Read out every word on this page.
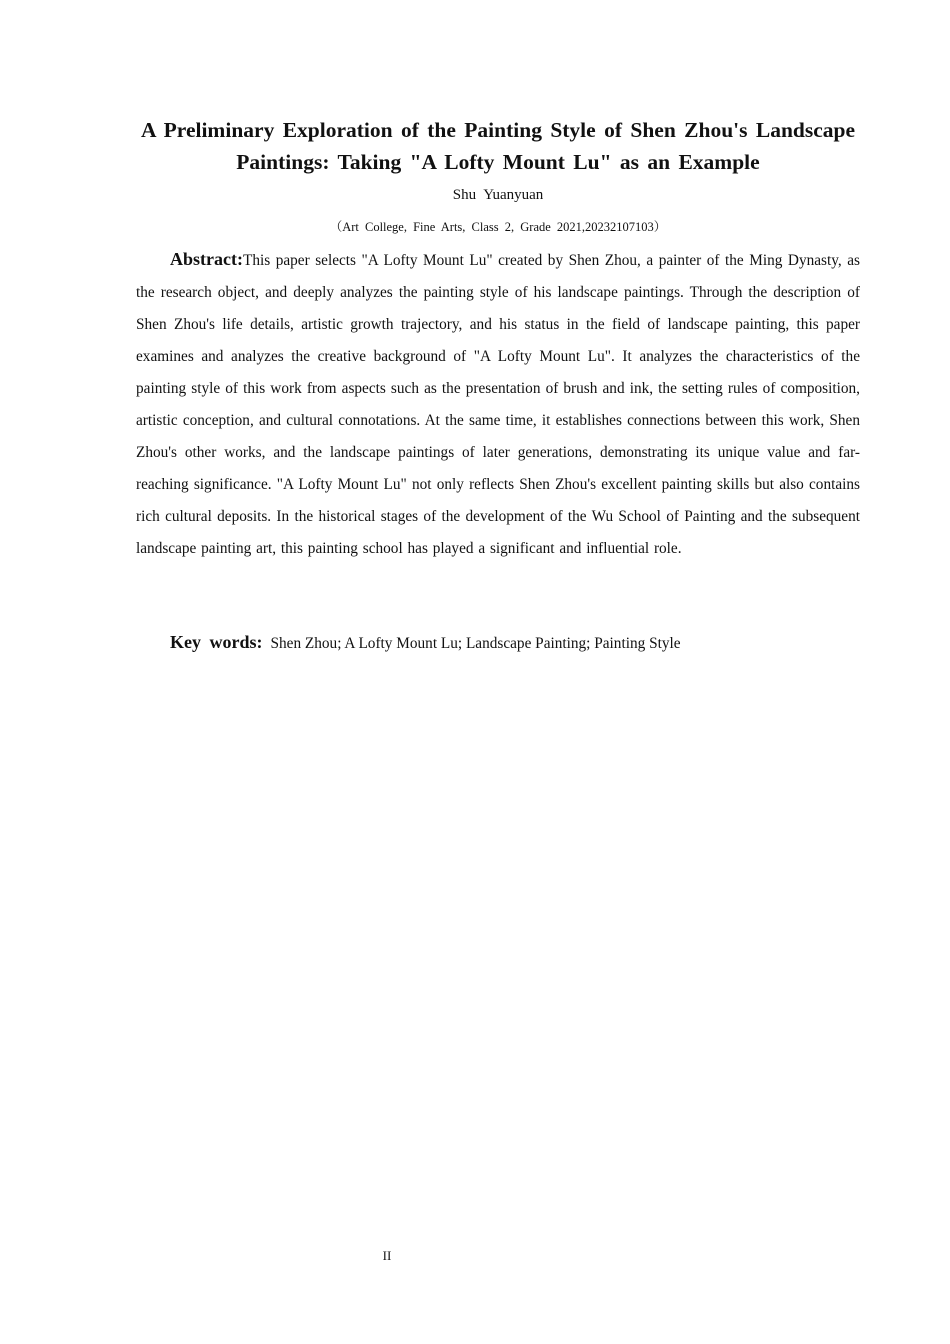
A Preliminary Exploration of the Painting Style of Shen Zhou's Landscape Paintings: Taking "A Lofty Mount Lu" as an Example
Shu Yuanyuan
（Art College, Fine Arts, Class 2, Grade 2021,20232107103）

Abstract:This paper selects "A Lofty Mount Lu" created by Shen Zhou, a painter of the Ming Dynasty, as the research object, and deeply analyzes the painting style of his landscape paintings. Through the description of Shen Zhou's life details, artistic growth trajectory, and his status in the field of landscape painting, this paper examines and analyzes the creative background of "A Lofty Mount Lu". It analyzes the characteristics of the painting style of this work from aspects such as the presentation of brush and ink, the setting rules of composition, artistic conception, and cultural connotations. At the same time, it establishes connections between this work, Shen Zhou's other works, and the landscape paintings of later generations, demonstrating its unique value and far-reaching significance. "A Lofty Mount Lu" not only reflects Shen Zhou's excellent painting skills but also contains rich cultural deposits. In the historical stages of the development of the Wu School of Painting and the subsequent landscape painting art, this painting school has played a significant and influential role.

Key words: Shen Zhou; A Lofty Mount Lu; Landscape Painting; Painting Style
II
